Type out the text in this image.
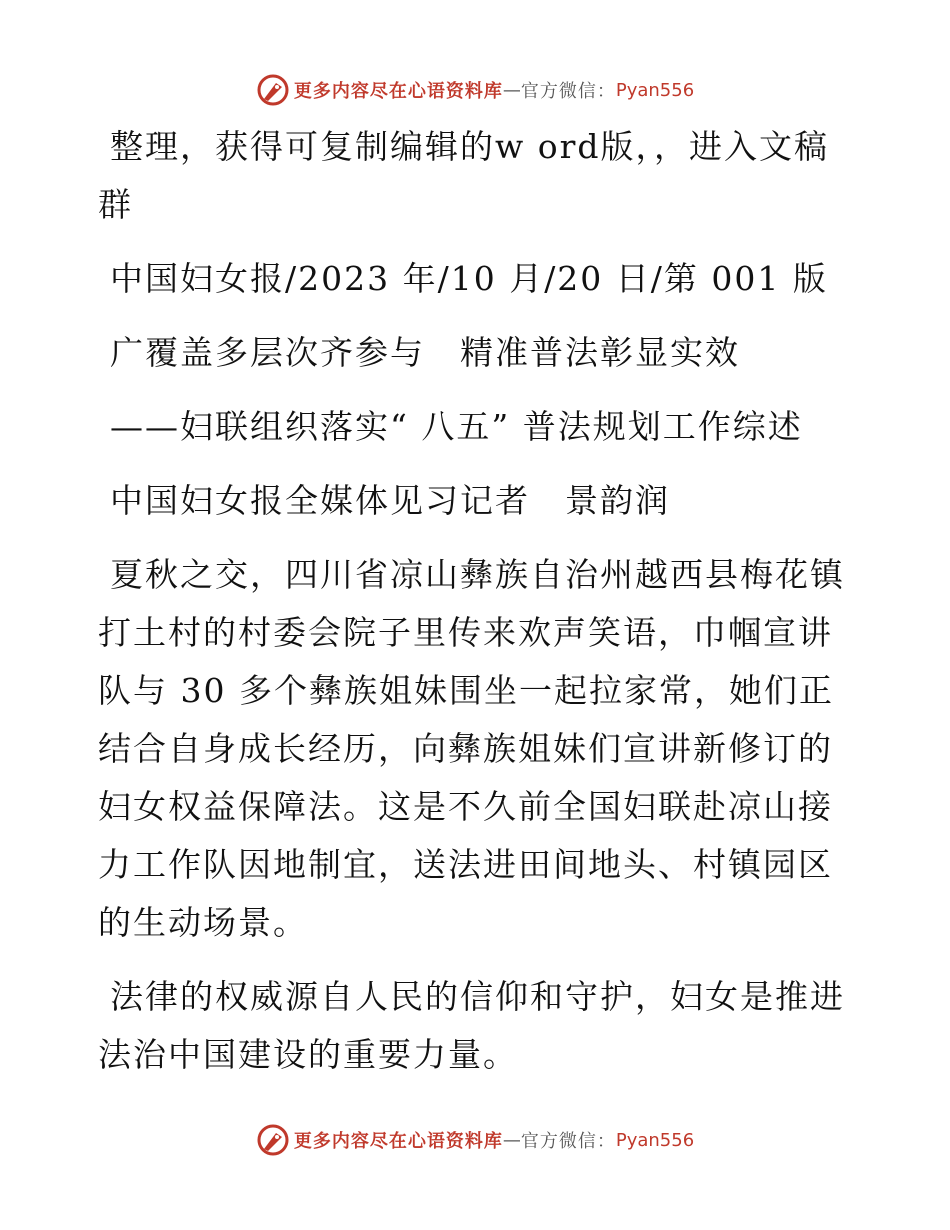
更多内容尽在心语资料库 — 官方微信： Pyan556

整理，获得可复制编辑的w ord版，，进入文稿群

中国妇女报/2023 年/10 月/20 日/第 001 版

广覆盖多层次齐参与　精准普法彰显实效

——妇联组织落实“ 八五” 普法规划工作综述

中国妇女报全媒体见习记者　景韵润

夏秋之交，四川省凉山彝族自治州越西县梅花镇打土村的村委会院子里传来欢声笑语，巾帼宣讲队与 30 多个彝族姐妹围坐一起拉家常，她们正结合自身成长经历，向彝族姐妹们宣讲新修订的妇女权益保障法。这是不久前全国妇联赴凉山接力工作队因地制宜，送法进田间地头、村镇园区的生动场景。

法律的权威源自人民的信仰和守护，妇女是推进法治中国建设的重要力量。

更多内容尽在心语资料库 — 官方微信： Pyan556
